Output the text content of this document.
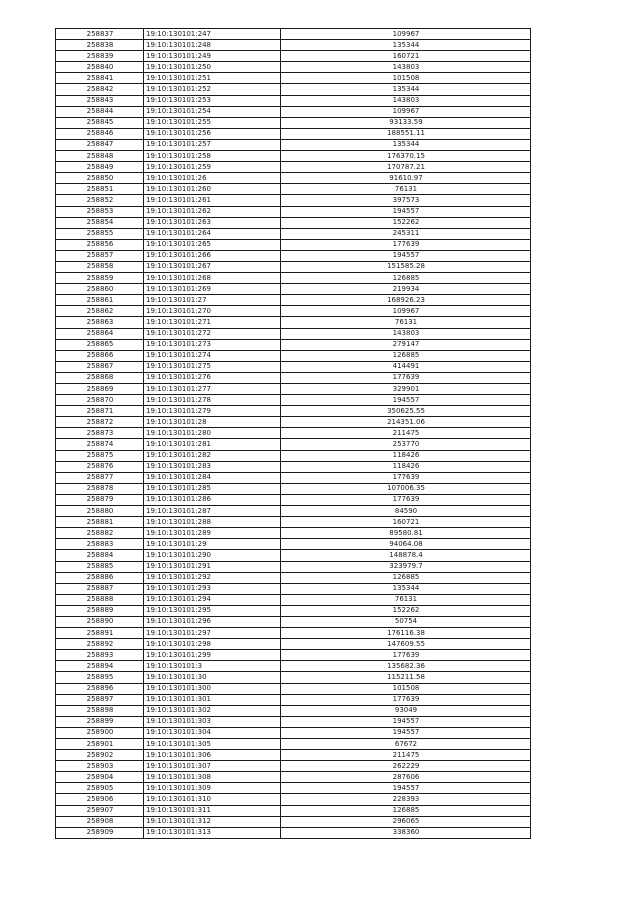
258837	19:10:130101:247	109967
258838	19:10:130101:248	135344
258839	19:10:130101:249	160721
258840	19:10:130101:250	143803
258841	19:10:130101:251	101508
258842	19:10:130101:252	135344
258843	19:10:130101:253	143803
258844	19:10:130101:254	109967
258845	19:10:130101:255	93133.59
258846	19:10:130101:256	188551.11
258847	19:10:130101:257	135344
258848	19:10:130101:258	176370.15
258849	19:10:130101:259	170787.21
258850	19:10:130101:26	91610.97
258851	19:10:130101:260	76131
258852	19:10:130101:261	397573
258853	19:10:130101:262	194557
258854	19:10:130101:263	152262
258855	19:10:130101:264	245311
258856	19:10:130101:265	177639
258857	19:10:130101:266	194557
258858	19:10:130101:267	151585.28
258859	19:10:130101:268	126885
258860	19:10:130101:269	219934
258861	19:10:130101:27	168926.23
258862	19:10:130101:270	109967
258863	19:10:130101:271	76131
258864	19:10:130101:272	143803
258865	19:10:130101:273	279147
258866	19:10:130101:274	126885
258867	19:10:130101:275	414491
258868	19:10:130101:276	177639
258869	19:10:130101:277	329901
258870	19:10:130101:278	194557
258871	19:10:130101:279	350625.55
258872	19:10:130101:28	214351.06
258873	19:10:130101:280	211475
258874	19:10:130101:281	253770
258875	19:10:130101:282	118426
258876	19:10:130101:283	118426
258877	19:10:130101:284	177639
258878	19:10:130101:285	107006.35
258879	19:10:130101:286	177639
258880	19:10:130101:287	84590
258881	19:10:130101:288	160721
258882	19:10:130101:289	89580.81
258883	19:10:130101:29	94064.08
258884	19:10:130101:290	148878.4
258885	19:10:130101:291	323979.7
258886	19:10:130101:292	126885
258887	19:10:130101:293	135344
258888	19:10:130101:294	76131
258889	19:10:130101:295	152262
258890	19:10:130101:296	50754
258891	19:10:130101:297	176116.38
258892	19:10:130101:298	147609.55
258893	19:10:130101:299	177639
258894	19:10:130101:3	135682.36
258895	19:10:130101:30	115211.58
258896	19:10:130101:300	101508
258897	19:10:130101:301	177639
258898	19:10:130101:302	93049
258899	19:10:130101:303	194557
258900	19:10:130101:304	194557
258901	19:10:130101:305	67672
258902	19:10:130101:306	211475
258903	19:10:130101:307	262229
258904	19:10:130101:308	287606
258905	19:10:130101:309	194557
258906	19:10:130101:310	228393
258907	19:10:130101:311	126885
258908	19:10:130101:312	296065
258909	19:10:130101:313	338360
